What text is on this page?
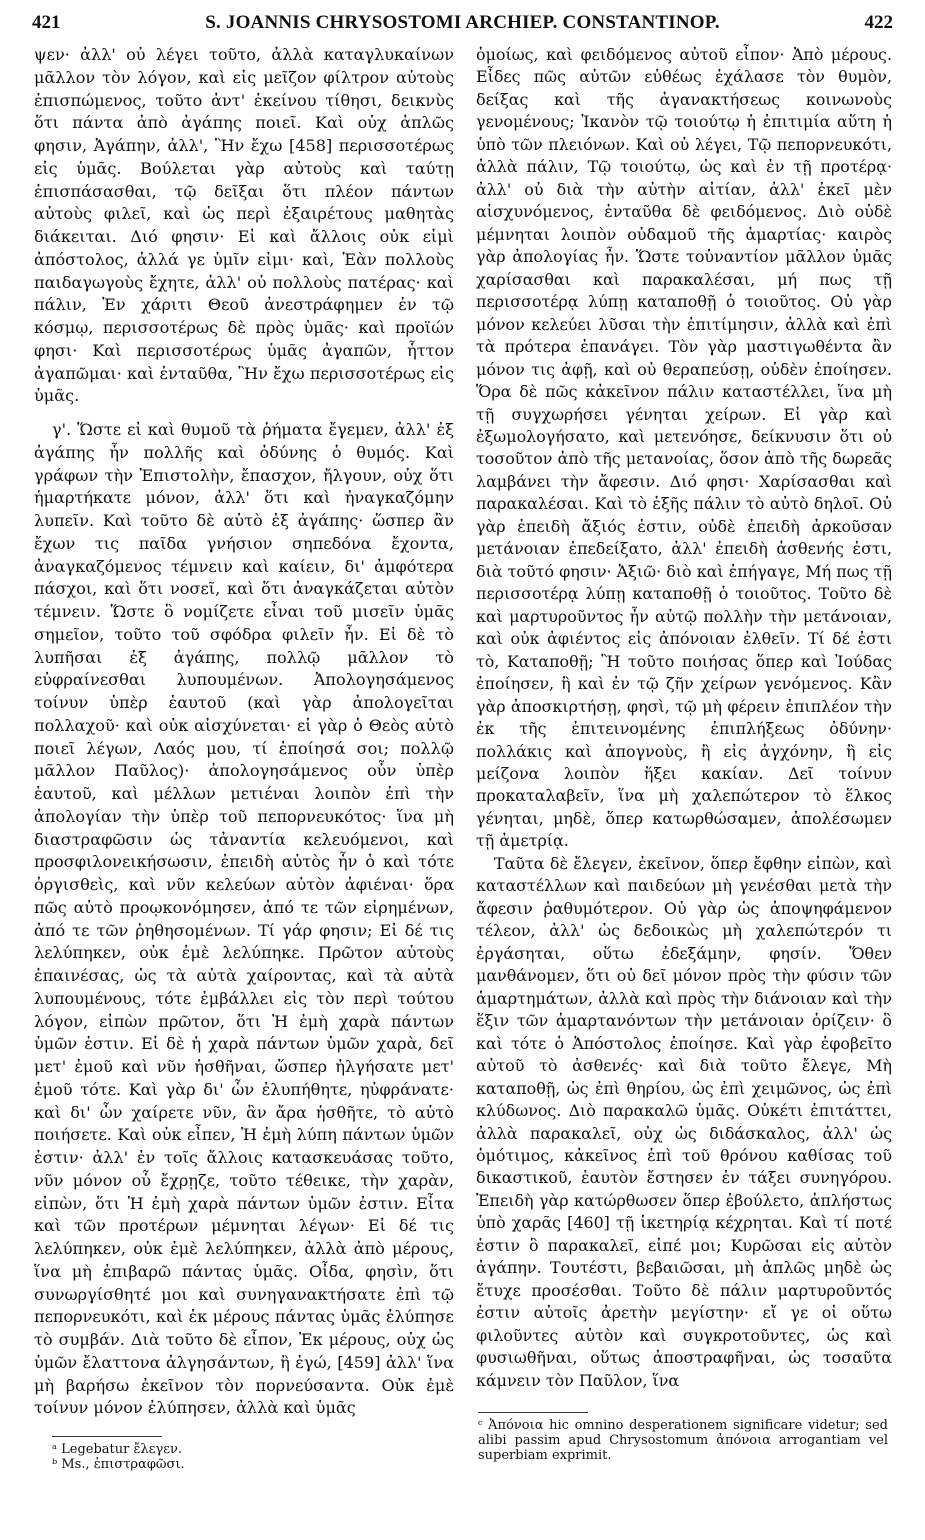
421	S. JOANNIS CHRYSOSTOMI ARCHIEP. CONSTANTINOP.	422

ψεν· ἀλλ' οὐ λέγει τοῦτο, ἀλλὰ καταγλυκαίνων μᾶλλον τὸν λόγον, καὶ εἰς μεῖζον φίλτρον αὐτοὺς ἐπισπώμενος, τοῦτο ἀντ' ἐκείνου τίθησι, δεικνὺς ὅτι πάντα ἀπὸ ἀγάπης ποιεῖ. Καὶ οὐχ ἁπλῶς φησιν, Ἀγάπην, ἀλλ', Ἣν ἔχω [458] περισσοτέρως εἰς ὑμᾶς. Βούλεται γὰρ αὐτοὺς καὶ ταύτῃ ἐπισπάσασθαι, τῷ δεῖξαι ὅτι πλέον πάντων αὐτοὺς φιλεῖ, καὶ ὡς περὶ ἐξαιρέτους μαθητὰς διάκειται. Διό φησιν· Εἰ καὶ ἄλλοις οὐκ εἰμὶ ἀπόστολος, ἀλλά γε ὑμῖν εἰμι· καὶ, Ἐὰν πολλοὺς παιδαγωγοὺς ἔχητε, ἀλλ' οὐ πολλοὺς πατέρας· καὶ πάλιν, Ἐν χάριτι Θεοῦ ἀνεστράφημεν ἐν τῷ κόσμῳ, περισσοτέρως δὲ πρὸς ὑμᾶς· καὶ προϊών φησι· Καὶ περισσοτέρως ὑμᾶς ἀγαπῶν, ἧττον ἀγαπῶμαι· καὶ ἐνταῦθα, Ἣν ἔχω περισσοτέρως εἰς ὑμᾶς.

γ'. Ὥστε εἰ καὶ θυμοῦ τὰ ῥήματα ἔγεμεν, ἀλλ' ἐξ ἀγάπης ἦν πολλῆς καὶ ὀδύνης ὁ θυμός. Καὶ γράφων τὴν Ἐπιστολὴν, ἔπασχον, ἤλγουν, οὐχ ὅτι ἡμαρτήκατε μόνον, ἀλλ' ὅτι καὶ ἠναγκαζόμην λυπεῖν. Καὶ τοῦτο δὲ αὐτὸ ἐξ ἀγάπης· ὥσπερ ἂν ἔχων τις παῖδα γνήσιον σηπεδόνα ἔχοντα, ἀναγκαζόμενος τέμνειν καὶ καίειν, δι' ἀμφότερα πάσχοι, καὶ ὅτι νοσεῖ, καὶ ὅτι ἀναγκάζεται αὐτὸν τέμνειν. Ὥστε ὃ νομίζετε εἶναι τοῦ μισεῖν ὑμᾶς σημεῖον, τοῦτο τοῦ σφόδρα φιλεῖν ἦν. Εἰ δὲ τὸ λυπῆσαι ἐξ ἀγάπης, πολλῷ μᾶλλον τὸ εὐφραίνεσθαι λυπουμένων. Ἀπολογησάμενος τοίνυν ὑπὲρ ἑαυτοῦ (καὶ γὰρ ἀπολογεῖται πολλαχοῦ· καὶ οὐκ αἰσχύνεται· εἰ γὰρ ὁ Θεὸς αὐτὸ ποιεῖ λέγων, Λαός μου, τί ἐποίησά σοι; πολλῷ μᾶλλον Παῦλος)· ἀπολογησάμενος οὖν ὑπὲρ ἑαυτοῦ, καὶ μέλλων μετιέναι λοιπὸν ἐπὶ τὴν ἀπολογίαν τὴν ὑπὲρ τοῦ πεπορνευκότος· ἵνα μὴ διαστραφῶσιν ὡς τἀναντία κελευόμενοι, καὶ προσφιλονεικήσωσιν, ἐπειδὴ αὐτὸς ἦν ὁ καὶ τότε ὀργισθεὶς, καὶ νῦν κελεύων αὐτὸν ἀφιέναι· ὅρα πῶς αὐτὸ προῳκονόμησεν, ἀπό τε τῶν εἰρημένων, ἀπό τε τῶν ῥηθησομένων. Τί γάρ φησιν; Εἰ δέ τις λελύπηκεν, οὐκ ἐμὲ λελύπηκε. Πρῶτον αὐτοὺς ἐπαινέσας, ὡς τὰ αὐτὰ χαίροντας, καὶ τὰ αὐτὰ λυπουμένους, τότε ἐμβάλλει εἰς τὸν περὶ τούτου λόγον, εἰπὼν πρῶτον, ὅτι Ἡ ἐμὴ χαρὰ πάντων ὑμῶν ἐστιν. Εἰ δὲ ἡ χαρὰ πάντων ὑμῶν χαρὰ, δεῖ μετ' ἐμοῦ καὶ νῦν ἡσθῆναι, ὥσπερ ἠλγήσατε μετ' ἐμοῦ τότε. Καὶ γὰρ δι' ὧν ἐλυπήθητε, ηὐφράνατε· καὶ δι' ὧν χαίρετε νῦν, ἂν ἄρα ἡσθῆτε, τὸ αὐτὸ ποιήσετε. Καὶ οὐκ εἶπεν, Ἡ ἐμὴ λύπη πάντων ὑμῶν ἐστιν· ἀλλ' ἐν τοῖς ἄλλοις κατασκευάσας τοῦτο, νῦν μόνον οὗ ἔχρῃζε, τοῦτο τέθεικε, τὴν χαρὰν, εἰπὼν, ὅτι Ἡ ἐμὴ χαρὰ πάντων ὑμῶν ἐστιν. Εἶτα καὶ τῶν προτέρων μέμνηται λέγων· Εἰ δέ τις λελύπηκεν, οὐκ ἐμὲ λελύπηκεν, ἀλλὰ ἀπὸ μέρους, ἵνα μὴ ἐπιβαρῶ πάντας ὑμᾶς. Οἶδα, φησὶν, ὅτι συνωργίσθητέ μοι καὶ συνηγανακτήσατε ἐπὶ τῷ πεπορνευκότι, καὶ ἐκ μέρους πάντας ὑμᾶς ἐλύπησε τὸ συμβάν. Διὰ τοῦτο δὲ εἶπον, Ἐκ μέρους, οὐχ ὡς ὑμῶν ἔλαττονα ἀλγησάντων, ἢ ἐγώ, [459] ἀλλ' ἵνα μὴ βαρήσω ἐκεῖνον τὸν πορνεύσαντα. Οὐκ ἐμὲ τοίνυν μόνον ἐλύπησεν, ἀλλὰ καὶ ὑμᾶς

ὁμοίως, καὶ φειδόμενος αὐτοῦ εἶπον· Ἀπὸ μέρους. Εἶδες πῶς αὐτῶν εὐθέως ἐχάλασε τὸν θυμὸν, δείξας καὶ τῆς ἀγανακτήσεως κοινωνοὺς γενομένους; Ἱκανὸν τῷ τοιούτῳ ἡ ἐπιτιμία αὕτη ἡ ὑπὸ τῶν πλειόνων. Καὶ οὐ λέγει, Τῷ πεπορνευκότι, ἀλλὰ πάλιν, Τῷ τοιούτῳ, ὡς καὶ ἐν τῇ προτέρᾳ· ἀλλ' οὐ διὰ τὴν αὐτὴν αἰτίαν, ἀλλ' ἐκεῖ μὲν αἰσχυνόμενος, ἐνταῦθα δὲ φειδόμενος. Διὸ οὐδὲ μέμνηται λοιπὸν οὐδαμοῦ τῆς ἁμαρτίας· καιρὸς γὰρ ἀπολογίας ἦν. Ὥστε τοὐναντίον μᾶλλον ὑμᾶς χαρίσασθαι καὶ παρακαλέσαι, μή πως τῇ περισσοτέρᾳ λύπῃ καταποθῇ ὁ τοιοῦτος. Οὐ γὰρ μόνον κελεύει λῦσαι τὴν ἐπιτίμησιν, ἀλλὰ καὶ ἐπὶ τὰ πρότερα ἐπανάγει. Τὸν γὰρ μαστιγωθέντα ἂν μόνον τις ἀφῇ, καὶ οὐ θεραπεύσῃ, οὐδὲν ἐποίησεν. Ὅρα δὲ πῶς κἀκεῖνον πάλιν καταστέλλει, ἵνα μὴ τῇ συγχωρήσει γένηται χείρων. Εἰ γὰρ καὶ ἐξωμολογήσατο, καὶ μετενόησε, δείκνυσιν ὅτι οὐ τοσοῦτον ἀπὸ τῆς μετανοίας, ὅσον ἀπὸ τῆς δωρεᾶς λαμβάνει τὴν ἄφεσιν. Διό φησι· Χαρίσασθαι καὶ παρακαλέσαι. Καὶ τὸ ἑξῆς πάλιν τὸ αὐτὸ δηλοῖ. Οὐ γὰρ ἐπειδὴ ἄξιός ἐστιν, οὐδὲ ἐπειδὴ ἀρκοῦσαν μετάνοιαν ἐπεδείξατο, ἀλλ' ἐπειδὴ ἀσθενής ἐστι, διὰ τοῦτό φησιν· Ἀξιῶ· διὸ καὶ ἐπήγαγε, Μή πως τῇ περισσοτέρᾳ λύπῃ καταποθῇ ὁ τοιοῦτος. Τοῦτο δὲ καὶ μαρτυροῦντος ἦν αὐτῷ πολλὴν τὴν μετάνοιαν, καὶ οὐκ ἀφιέντος εἰς ἀπόνοιαν ἐλθεῖν. Τί δέ ἐστι τὸ, Καταποθῇ; Ἢ τοῦτο ποιήσας ὅπερ καὶ Ἰούδας ἐποίησεν, ἢ καὶ ἐν τῷ ζῆν χείρων γενόμενος. Κἂν γὰρ ἀποσκιρτήσῃ, φησὶ, τῷ μὴ φέρειν ἐπιπλέον τὴν ἐκ τῆς ἐπιτεινομένης ἐπιπλήξεως ὀδύνην· πολλάκις καὶ ἀπογνοὺς, ἢ εἰς ἀγχόνην, ἢ εἰς μείζονα λοιπὸν ἥξει κακίαν. Δεῖ τοίνυν προκαταλαβεῖν, ἵνα μὴ χαλεπώτερον τὸ ἕλκος γένηται, μηδὲ, ὅπερ κατωρθώσαμεν, ἀπολέσωμεν τῇ ἀμετρίᾳ.

Ταῦτα δὲ ἔλεγεν, ἐκεῖνον, ὅπερ ἔφθην εἰπὼν, καὶ καταστέλλων καὶ παιδεύων μὴ γενέσθαι μετὰ τὴν ἄφεσιν ῥαθυμότερον. Οὐ γὰρ ὡς ἀποψηφάμενον τέλεον, ἀλλ' ὡς δεδοικὼς μὴ χαλεπώτερόν τι ἐργάσηται, οὕτω ἐδεξάμην, φησίν. Ὅθεν μανθάνομεν, ὅτι οὐ δεῖ μόνον πρὸς τὴν φύσιν τῶν ἁμαρτημάτων, ἀλλὰ καὶ πρὸς τὴν διάνοιαν καὶ τὴν ἕξιν τῶν ἁμαρτανόντων τὴν μετάνοιαν ὁρίζειν· ὃ καὶ τότε ὁ Ἀπόστολος ἐποίησε. Καὶ γὰρ ἐφοβεῖτο αὐτοῦ τὸ ἀσθενές· καὶ διὰ τοῦτο ἔλεγε, Μὴ καταποθῇ, ὡς ἐπὶ θηρίου, ὡς ἐπὶ χειμῶνος, ὡς ἐπὶ κλύδωνος. Διὸ παρακαλῶ ὑμᾶς. Οὐκέτι ἐπιτάττει, ἀλλὰ παρακαλεῖ, οὐχ ὡς διδάσκαλος, ἀλλ' ὡς ὁμότιμος, κἀκεῖνος ἐπὶ τοῦ θρόνου καθίσας τοῦ δικαστικοῦ, ἑαυτὸν ἔστησεν ἐν τάξει συνηγόρου. Ἐπειδὴ γὰρ κατώρθωσεν ὅπερ ἐβούλετο, ἀπλήστως ὑπὸ χαρᾶς [460] τῇ ἱκετηρίᾳ κέχρηται. Καὶ τί ποτέ ἐστιν ὃ παρακαλεῖ, εἰπέ μοι; Κυρῶσαι εἰς αὐτὸν ἀγάπην. Τουτέστι, βεβαιῶσαι, μὴ ἁπλῶς μηδὲ ὡς ἔτυχε προσέσθαι. Τοῦτο δὲ πάλιν μαρτυροῦντός ἐστιν αὐτοῖς ἀρετὴν μεγίστην· εἴ γε οἱ οὕτω φιλοῦντες αὐτὸν καὶ συγκροτοῦντες, ὡς καὶ φυσιωθῆναι, οὕτως ἀποστραφῆναι, ὡς τοσαῦτα κάμνειν τὸν Παῦλον, ἵνα

ᵃ Legebatur ἔλεγεν.
ᵇ Ms., ἐπιστραφῶσι.
ᶜ Ἀπόνοια hic omnino desperationem significare videtur; sed alibi passim apud Chrysostomum ἀπόνοια arrogantiam vel superbiam exprimit.
